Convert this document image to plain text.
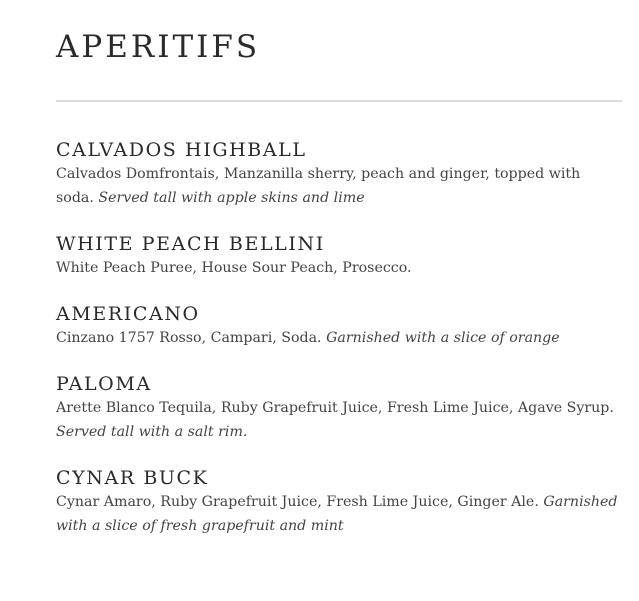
APERITIFS
CALVADOS HIGHBALL

Calvados Domfrontais, Manzanilla sherry, peach and ginger, topped with soda. Served tall with apple skins and lime

WHITE PEACH BELLINI

White Peach Puree, House Sour Peach, Prosecco.

AMERICANO

Cinzano 1757 Rosso, Campari, Soda. Garnished with a slice of orange

PALOMA

Arette Blanco Tequila, Ruby Grapefruit Juice, Fresh Lime Juice, Agave Syrup. Served tall with a salt rim.

CYNAR BUCK

Cynar Amaro, Ruby Grapefruit Juice, Fresh Lime Juice, Ginger Ale. Garnished with a slice of fresh grapefruit and mint
